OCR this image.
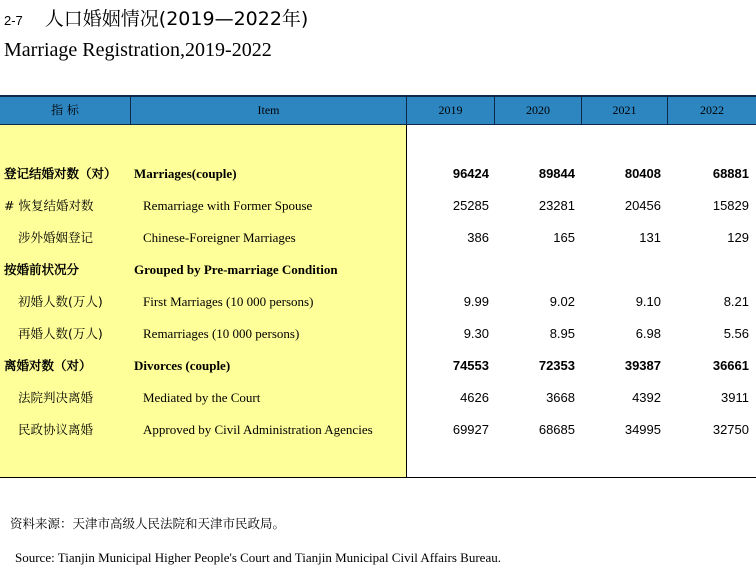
2-7 人口婚姻情况(2019—2022年)
Marriage Registration,2019-2022
指 标	Item	2019	2020	2021	2022
登记结婚对数（对） Marriages(couple)	96424	89844	80408	68881
# 恢复结婚对数	Remarriage with Former Spouse	25285	23281	20456	15829
涉外婚姻登记	Chinese-Foreigner Marriages	386	165	131	129
按婚前状况分	Grouped by Pre-marriage Condition
初婚人数(万人)	First Marriages (10 000 persons)	9.99	9.02	9.10	8.21
再婚人数(万人)	Remarriages (10 000 persons)	9.30	8.95	6.98	5.56
离婚对数（对）	Divorces (couple)	74553	72353	39387	36661
法院判决离婚	Mediated by the Court	4626	3668	4392	3911
民政协议离婚	Approved by Civil Administration Agencies	69927	68685	34995	32750
资料来源：天津市高级人民法院和天津市民政局。
Source: Tianjin Municipal Higher People's Court and Tianjin Municipal Civil Affairs Bureau.
